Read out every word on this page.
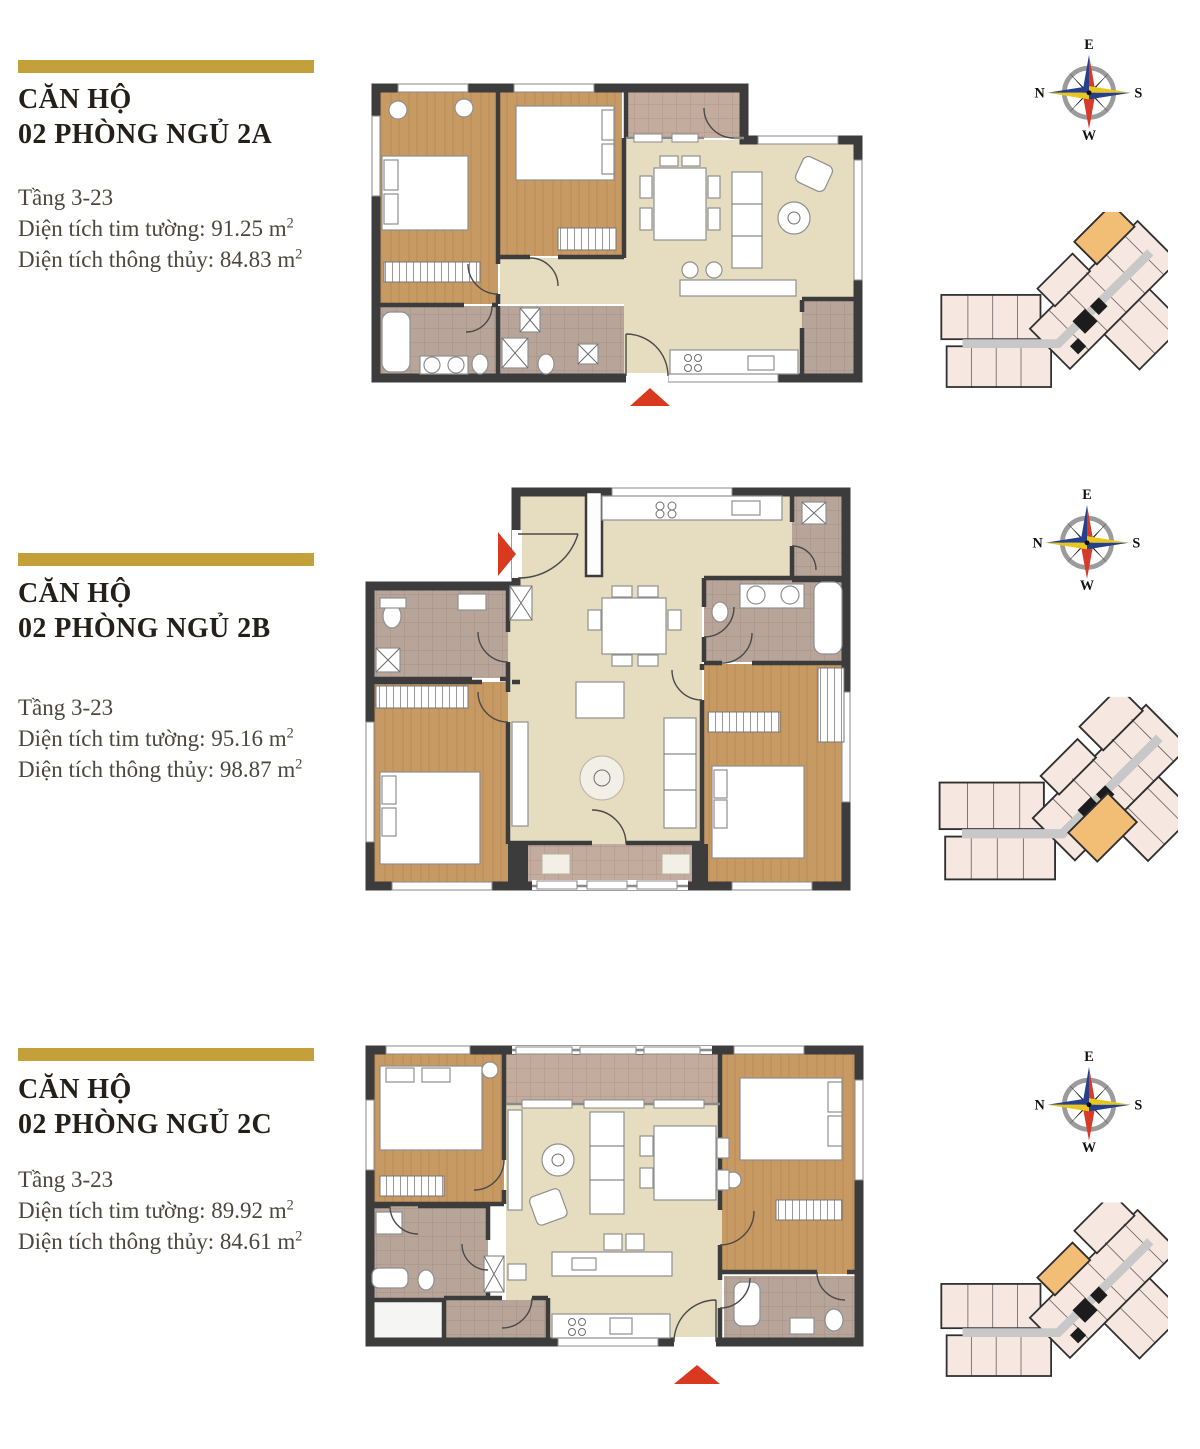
CĂN HỘ
02 PHÒNG NGỦ 2A
Tầng 3-23
Diện tích tim tường: 91.25 $m^2$
Diện tích thông thủy: 84.83 $m^2$
CĂN HỘ
02 PHÒNG NGỦ 2B
Tầng 3-23
Diện tích tim tường: 95.16 $m^2$
Diện tích thông thủy: 98.87 $m^2$
CĂN HỘ
02 PHÒNG NGỦ 2C
Tầng 3-23
Diện tích tim tường: 89.92 $m^2$
Diện tích thông thủy: 84.61 $m^2$
